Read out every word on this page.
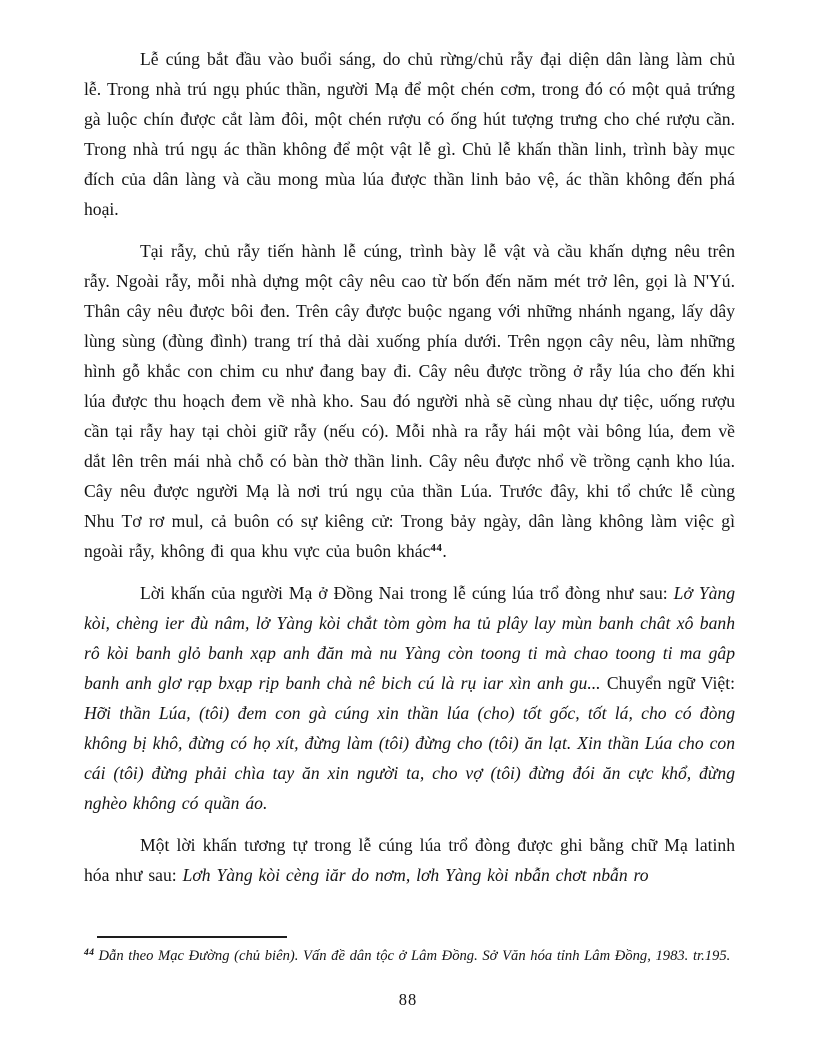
Lễ cúng bắt đầu vào buổi sáng, do chủ rừng/chủ rẫy đại diện dân làng làm chủ lễ. Trong nhà trú ngụ phúc thần, người Mạ để một chén cơm, trong đó có một quả trứng gà luộc chín được cắt làm đôi, một chén rượu có ống hút tượng trưng cho ché rượu cần. Trong nhà trú ngụ ác thần không để một vật lễ gì. Chủ lễ khấn thần linh, trình bày mục đích của dân làng và cầu mong mùa lúa được thần linh bảo vệ, ác thần không đến phá hoại.

Tại rẫy, chủ rẫy tiến hành lễ cúng, trình bày lễ vật và cầu khấn dựng nêu trên rẫy. Ngoài rẫy, mỗi nhà dựng một cây nêu cao từ bốn đến năm mét trở lên, gọi là N'Yú. Thân cây nêu được bôi đen. Trên cây được buộc ngang với những nhánh ngang, lấy dây lùng sùng (đùng đình) trang trí thả dài xuống phía dưới. Trên ngọn cây nêu, làm những hình gỗ khắc con chim cu như đang bay đi. Cây nêu được trồng ở rẫy lúa cho đến khi lúa được thu hoạch đem về nhà kho. Sau đó người nhà sẽ cùng nhau dự tiệc, uống rượu cần tại rẫy hay tại chòi giữ rẫy (nếu có). Mỗi nhà ra rẫy hái một vài bông lúa, đem về dắt lên trên mái nhà chỗ có bàn thờ thần linh. Cây nêu được nhổ về trồng cạnh kho lúa. Cây nêu được người Mạ là nơi trú ngụ của thần Lúa. Trước đây, khi tổ chức lễ cùng Nhu Tơ rơ mul, cả buôn có sự kiêng cử: Trong bảy ngày, dân làng không làm việc gì ngoài rẫy, không đi qua khu vực của buôn khác$^{44}$.

Lời khấn của người Mạ ở Đồng Nai trong lễ cúng lúa trổ đòng như sau: Lở Yàng kòi, chèng ier đù nâm, lở Yàng kòi chắt tòm gòm ha tủ plây lay mùn banh chât xô banh rô kòi banh glỏ banh xạp anh đăn mà nu Yàng còn toong ti mà chao toong ti ma gâp banh anh glơ rạp bxạp rịp banh chà nê bich cú là rụ iar xìn anh gu... Chuyển ngữ Việt: Hỡi thần Lúa, (tôi) đem con gà cúng xin thần lúa (cho) tốt gốc, tốt lá, cho có đòng không bị khô, đừng có họ xít, đừng làm (tôi) đừng cho (tôi) ăn lạt. Xin thần Lúa cho con cái (tôi) đừng phải chìa tay ăn xin người ta, cho vợ (tôi) đừng đói ăn cực khổ, đừng nghèo không có quần áo.

Một lời khấn tương tự trong lễ cúng lúa trổ đòng được ghi bằng chữ Mạ latinh hóa như sau: Lơh Yàng kòi cèng iăr do nơm, lơh Yàng kòi nbẫn chơt nbẫn ro

$^{44}$ Dẫn theo Mạc Đường (chủ biên). Vấn đề dân tộc ở Lâm Đồng. Sở Văn hóa tỉnh Lâm Đồng, 1983. tr.195.

88
